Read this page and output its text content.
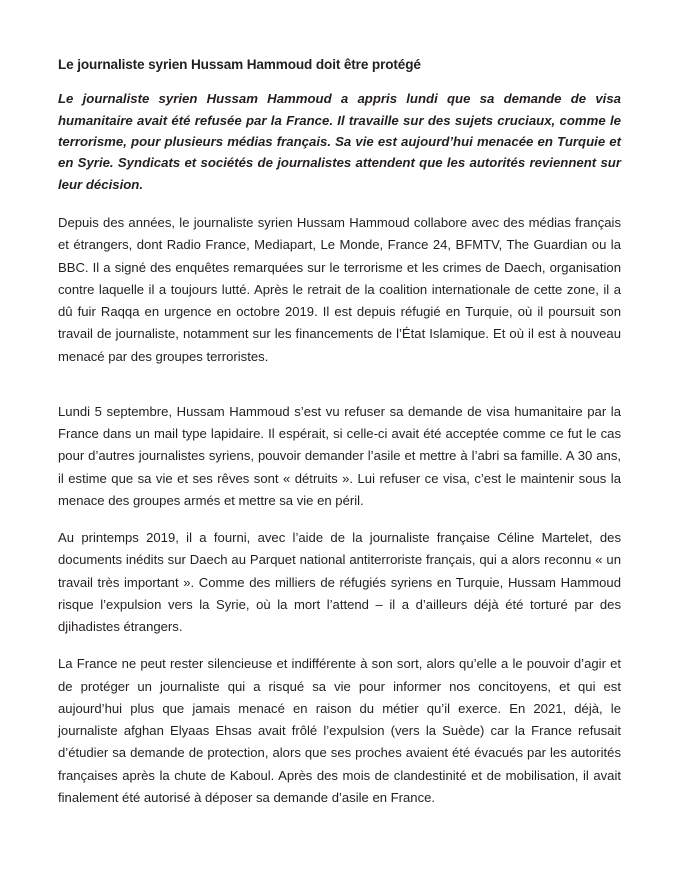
Le journaliste syrien Hussam Hammoud doit être protégé

Le journaliste syrien Hussam Hammoud a appris lundi que sa demande de visa humanitaire avait été refusée par la France. Il travaille sur des sujets cruciaux, comme le terrorisme, pour plusieurs médias français. Sa vie est aujourd’hui menacée en Turquie et en Syrie. Syndicats et sociétés de journalistes attendent que les autorités reviennent sur leur décision.

Depuis des années, le journaliste syrien Hussam Hammoud collabore avec des médias français et étrangers, dont Radio France, Mediapart, Le Monde, France 24, BFMTV, The Guardian ou la BBC. Il a signé des enquêtes remarquées sur le terrorisme et les crimes de Daech, organisation contre laquelle il a toujours lutté. Après le retrait de la coalition internationale de cette zone, il a dû fuir Raqqa en urgence en octobre 2019. Il est depuis réfugié en Turquie, où il poursuit son travail de journaliste, notamment sur les financements de l’État Islamique. Et où il est à nouveau menacé par des groupes terroristes.

Lundi 5 septembre, Hussam Hammoud s’est vu refuser sa demande de visa humanitaire par la France dans un mail type lapidaire. Il espérait, si celle-ci avait été acceptée comme ce fut le cas pour d’autres journalistes syriens, pouvoir demander l’asile et mettre à l’abri sa famille. A 30 ans, il estime que sa vie et ses rêves sont « détruits ». Lui refuser ce visa, c’est le maintenir sous la menace des groupes armés et mettre sa vie en péril.

Au printemps 2019, il a fourni, avec l’aide de la journaliste française Céline Martelet, des documents inédits sur Daech au Parquet national antiterroriste français, qui a alors reconnu « un travail très important ». Comme des milliers de réfugiés syriens en Turquie, Hussam Hammoud risque l’expulsion vers la Syrie, où la mort l’attend – il a d’ailleurs déjà été torturé par des djihadistes étrangers.

La France ne peut rester silencieuse et indifférente à son sort, alors qu’elle a le pouvoir d’agir et de protéger un journaliste qui a risqué sa vie pour informer nos concitoyens, et qui est aujourd’hui plus que jamais menacé en raison du métier qu’il exerce. En 2021, déjà, le journaliste afghan Elyaas Ehsas avait frôlé l’expulsion (vers la Suède) car la France refusait d’étudier sa demande de protection, alors que ses proches avaient été évacués par les autorités françaises après la chute de Kaboul. Après des mois de clandestinité et de mobilisation, il avait finalement été autorisé à déposer sa demande d’asile en France.
